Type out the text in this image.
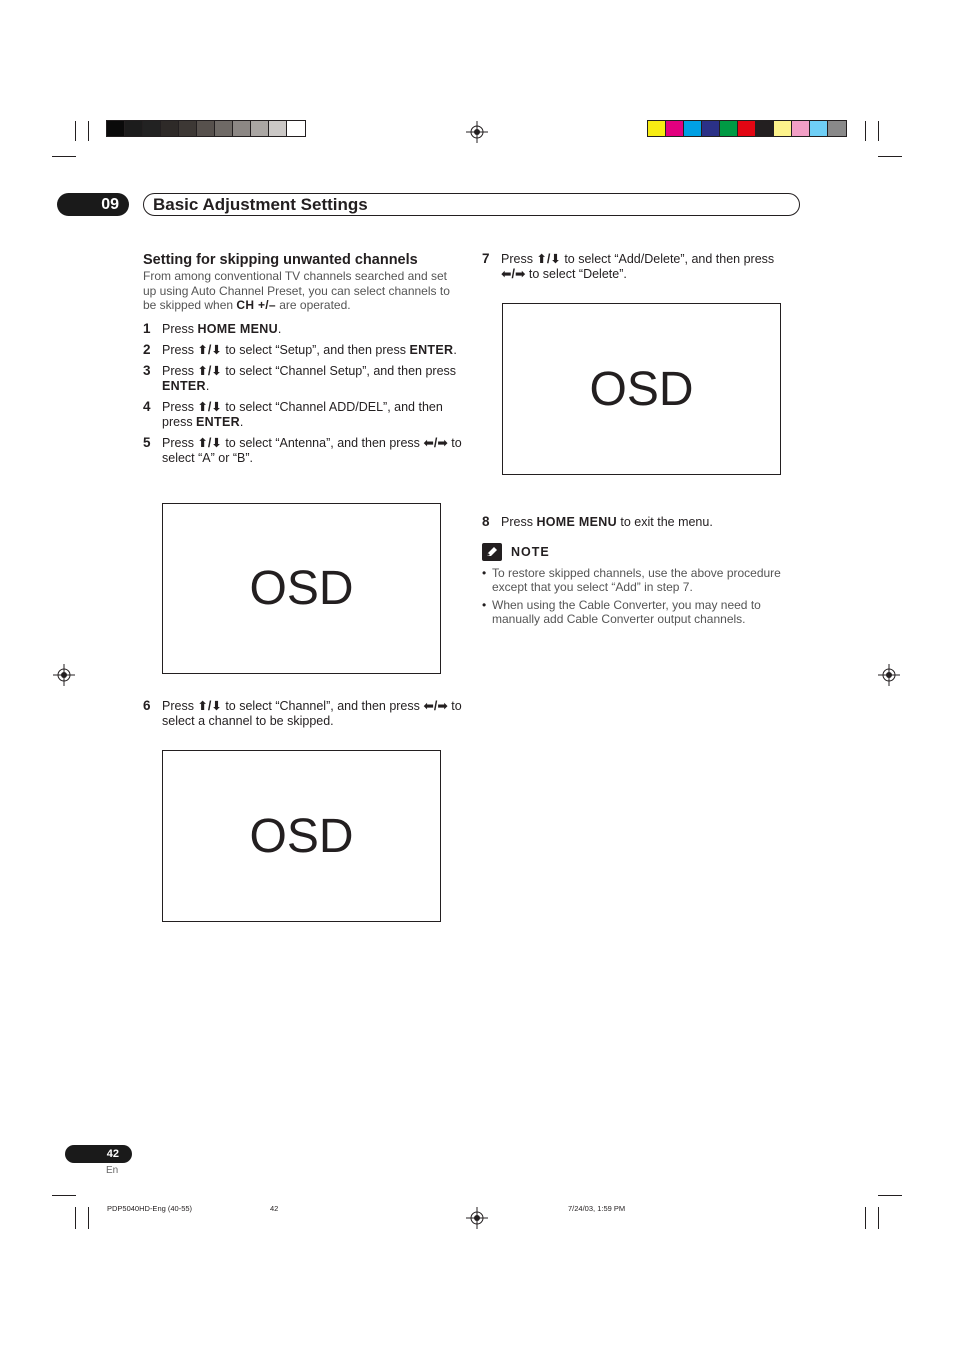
09	Basic Adjustment Settings
Setting for skipping unwanted channels
From among conventional TV channels searched and set up using Auto Channel Preset, you can select channels to be skipped when CH +/– are operated.
1 Press HOME MENU.
2 Press ⬆/⬇ to select “Setup”, and then press ENTER.
3 Press ⬆/⬇ to select “Channel Setup”, and then press ENTER.
4 Press ⬆/⬇ to select “Channel ADD/DEL”, and then press ENTER.
5 Press ⬆/⬇ to select “Antenna”, and then press ⬅/➡ to select “A” or “B”.
OSD
6 Press ⬆/⬇ to select “Channel”, and then press ⬅/➡ to select a channel to be skipped.
OSD
7 Press ⬆/⬇ to select “Add/Delete”, and then press ⬅/➡ to select “Delete”.
OSD
8 Press HOME MENU to exit the menu.
NOTE
• To restore skipped channels, use the above procedure except that you select “Add” in step 7.
• When using the Cable Converter, you may need to manually add Cable Converter output channels.
42
En
PDP5040HD-Eng (40-55)	42	7/24/03, 1:59 PM
